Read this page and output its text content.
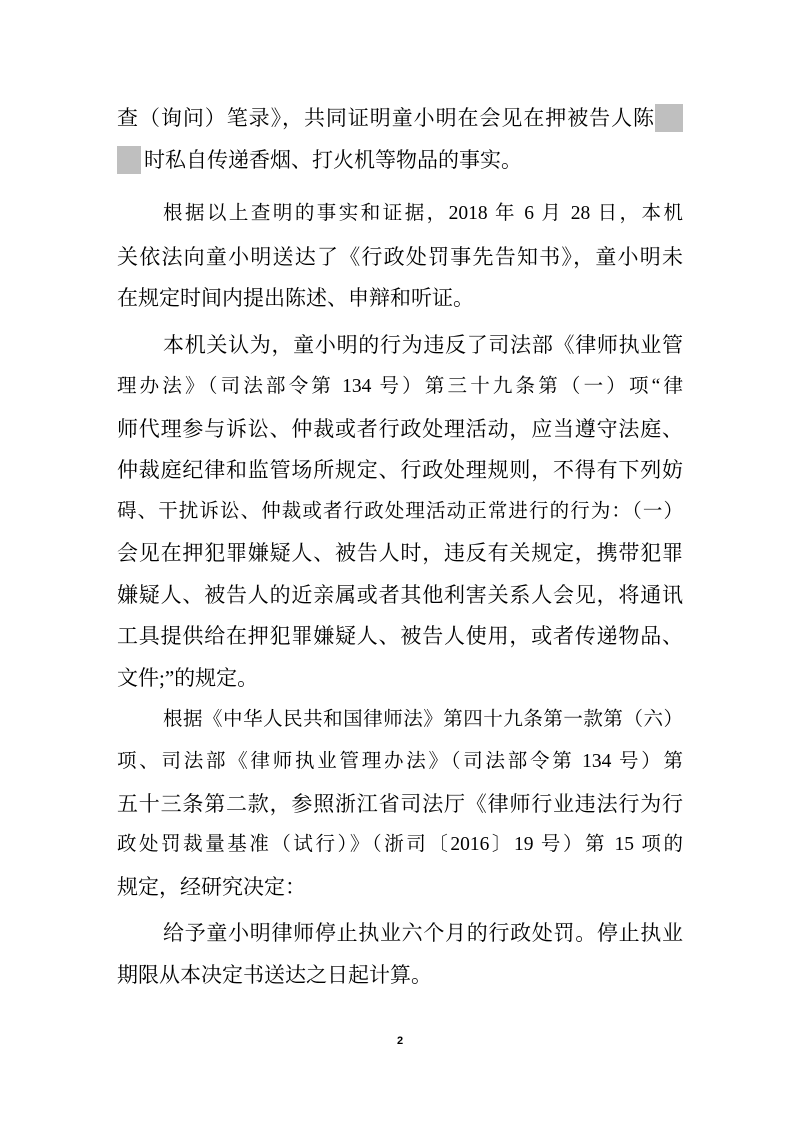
查（询问）笔录》，共同证明童小明在会见在押被告人陈
时私自传递香烟、打火机等物品的事实。
根据以上查明的事实和证据，2018 年 6 月 28 日，本机
关依法向童小明送达了《行政处罚事先告知书》，童小明未
在规定时间内提出陈述、申辩和听证。
本机关认为，童小明的行为违反了司法部《律师执业管
理办法》（司法部令第 134 号）第三十九条第（一）项“律
师代理参与诉讼、仲裁或者行政处理活动，应当遵守法庭、
仲裁庭纪律和监管场所规定、行政处理规则，不得有下列妨
碍、干扰诉讼、仲裁或者行政处理活动正常进行的行为：（一）
会见在押犯罪嫌疑人、被告人时，违反有关规定，携带犯罪
嫌疑人、被告人的近亲属或者其他利害关系人会见，将通讯
工具提供给在押犯罪嫌疑人、被告人使用，或者传递物品、
文件;”的规定。
根据《中华人民共和国律师法》第四十九条第一款第（六）
项、司法部《律师执业管理办法》（司法部令第 134 号）第
五十三条第二款，参照浙江省司法厅《律师行业违法行为行
政处罚裁量基准（试行）》（浙司〔2016〕19 号）第 15 项的
规定，经研究决定：
给予童小明律师停止执业六个月的行政处罚。停止执业
期限从本决定书送达之日起计算。
2
